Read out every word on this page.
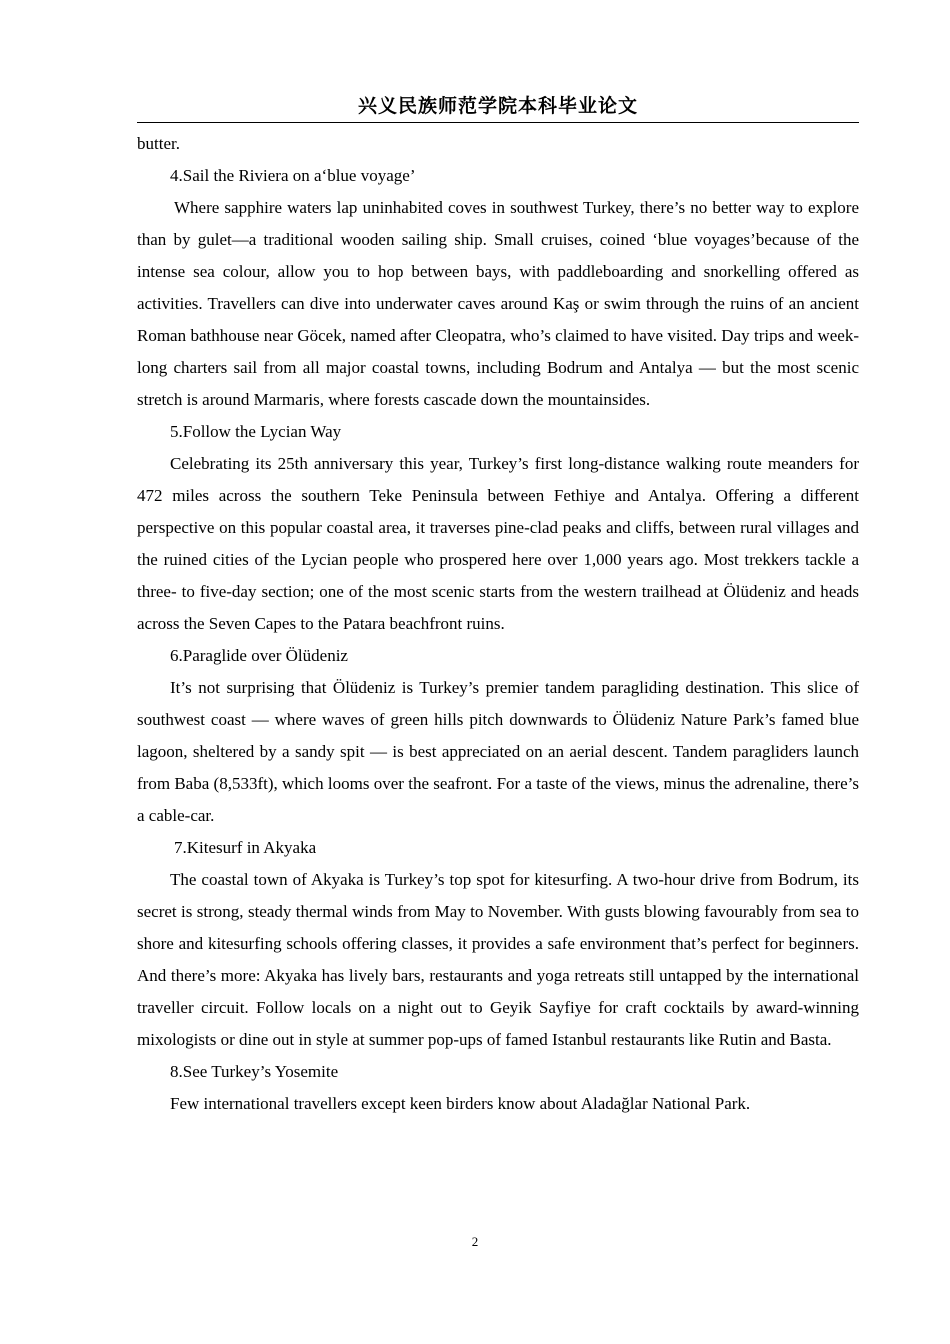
兴义民族师范学院本科毕业论文

butter.

4.Sail the Riviera on a‘blue voyage’

Where sapphire waters lap uninhabited coves in southwest Turkey, there’s no better way to explore than by gulet—a traditional wooden sailing ship. Small cruises, coined ‘blue voyages’because of the intense sea colour, allow you to hop between bays, with paddleboarding and snorkelling offered as activities. Travellers can dive into underwater caves around Kaş or swim through the ruins of an ancient Roman bathhouse near Göcek, named after Cleopatra, who’s claimed to have visited. Day trips and week-long charters sail from all major coastal towns, including Bodrum and Antalya — but the most scenic stretch is around Marmaris, where forests cascade down the mountainsides.

5.Follow the Lycian Way

Celebrating its 25th anniversary this year, Turkey’s first long-distance walking route meanders for 472 miles across the southern Teke Peninsula between Fethiye and Antalya. Offering a different perspective on this popular coastal area, it traverses pine-clad peaks and cliffs, between rural villages and the ruined cities of the Lycian people who prospered here over 1,000 years ago. Most trekkers tackle a three- to five-day section; one of the most scenic starts from the western trailhead at Ölüdeniz and heads across the Seven Capes to the Patara beachfront ruins.

6.Paraglide over Ölüdeniz

It’s not surprising that Ölüdeniz is Turkey’s premier tandem paragliding destination. This slice of southwest coast — where waves of green hills pitch downwards to Ölüdeniz Nature Park’s famed blue lagoon, sheltered by a sandy spit — is best appreciated on an aerial descent. Tandem paragliders launch from Baba (8,533ft), which looms over the seafront. For a taste of the views, minus the adrenaline, there’s a cable-car.

7.Kitesurf in Akyaka

The coastal town of Akyaka is Turkey’s top spot for kitesurfing. A two-hour drive from Bodrum, its secret is strong, steady thermal winds from May to November. With gusts blowing favourably from sea to shore and kitesurfing schools offering classes, it provides a safe environment that’s perfect for beginners. And there’s more: Akyaka has lively bars, restaurants and yoga retreats still untapped by the international traveller circuit. Follow locals on a night out to Geyik Sayfiye for craft cocktails by award-winning mixologists or dine out in style at summer pop-ups of famed Istanbul restaurants like Rutin and Basta.

8.See Turkey’s Yosemite

Few international travellers except keen birders know about Aladağlar National Park.

2
